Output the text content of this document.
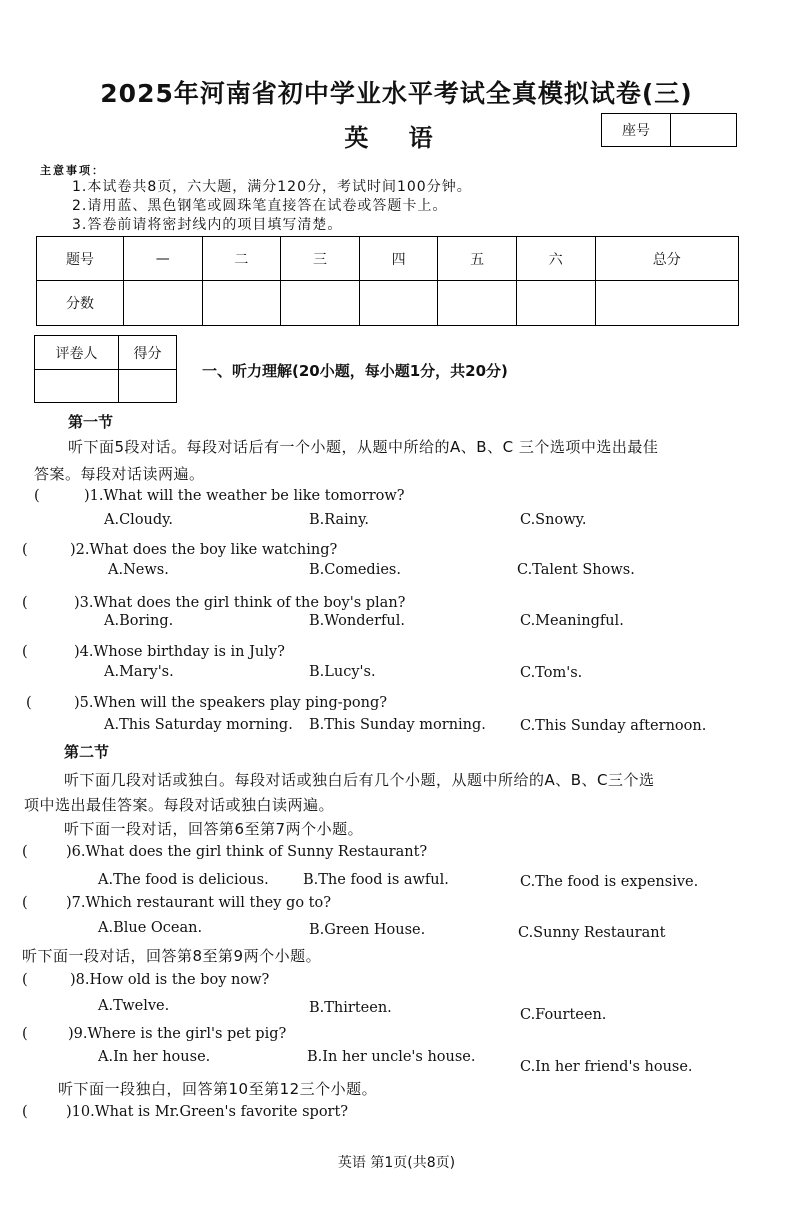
2025年河南省初中学业水平考试全真模拟试卷(三)
英 语	座号
主意事项：
1.本试卷共8页，六大题，满分120分，考试时间100分钟。
2.请用蓝、黑色钢笔或圆珠笔直接答在试卷或答题卡上。
3.答卷前请将密封线内的项目填写清楚。
题号	—	二	三	四	五	六	总分
分数							
评卷人	得分

一、听力理解(20小题，每小题1分，共20分)
第一节
听下面5段对话。每段对话后有一个小题，从题中所给的A、B、C 三个选项中选出最佳
答案。每段对话读两遍。
(	)1.What will the weather be like tomorrow?
A.Cloudy.	B.Rainy.	C.Snowy.
(	)2.What does the boy like watching?
A.News.	B.Comedies.	C.Talent Shows.
(	)3.What does the girl think of the boy's plan?
A.Boring.	B.Wonderful.	C.Meaningful.
(	)4.Whose birthday is in July?
A.Mary's.	B.Lucy's.	C.Tom's.
(	)5.When will the speakers play ping-pong?
A.This Saturday morning. B.This Sunday morning. C.This Sunday afternoon.
第二节
听下面几段对话或独白。每段对话或独白后有几个小题，从题中所给的A、B、C三个选
项中选出最佳答案。每段对话或独白读两遍。
听下面一段对话，回答第6至第7两个小题。
(	)6.What does the girl think of Sunny Restaurant?
A.The food is delicious. B.The food is awful.	C.The food is expensive.
(	)7.Which restaurant will they go to?
A.Blue Ocean.	B.Green House.	C.Sunny Restaurant
听下面一段对话，回答第8至第9两个小题。
(	)8.How old is the boy now?
A.Twelve.	B.Thirteen.	C.Fourteen.
(	)9.Where is the girl's pet pig?
A.In her house.	B.In her uncle's house.
C.In her friend's house.
听下面一段独白，回答第10至第12三个小题。
(	)10.What is Mr.Green's favorite sport?
英语 第1页(共8页)
